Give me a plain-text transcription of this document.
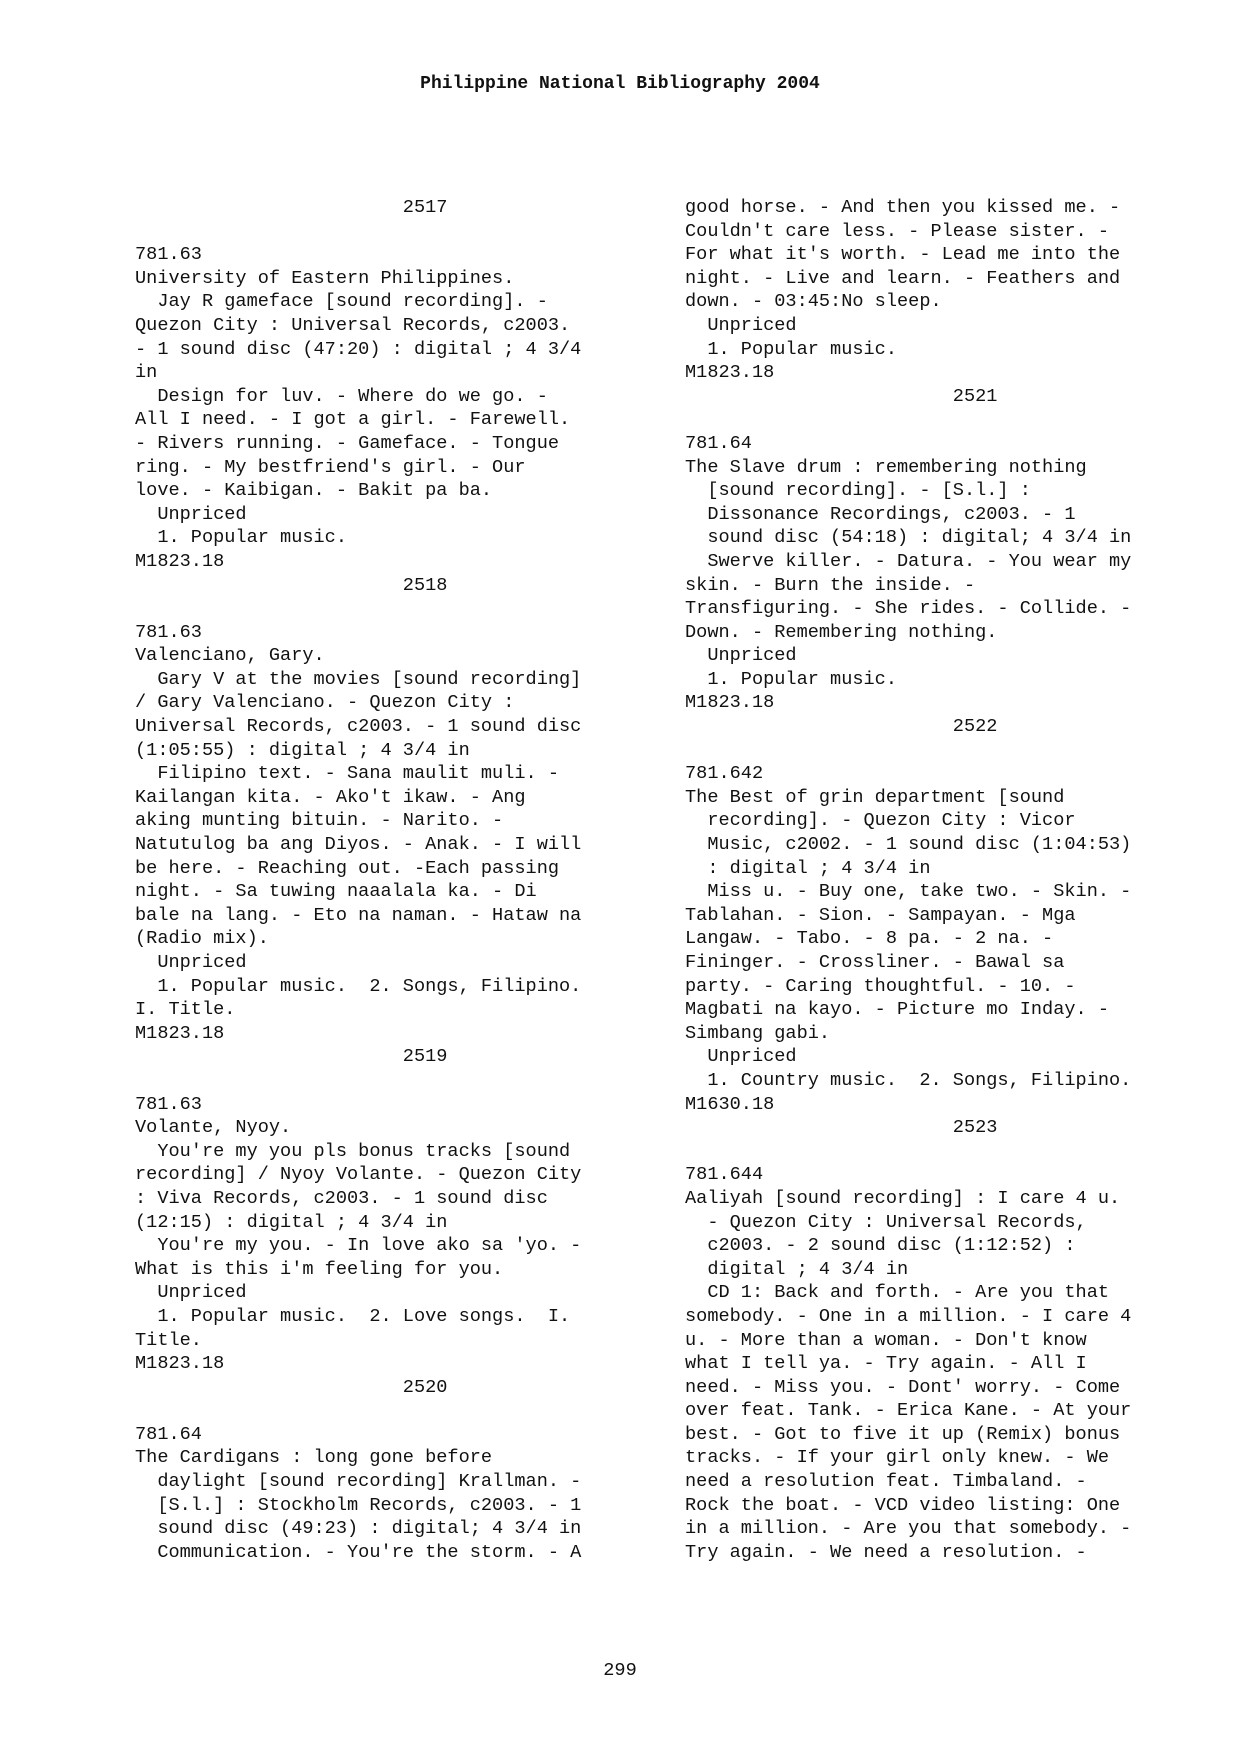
Philippine National Bibliography 2004
2517
781.63
University of Eastern Philippines.
Jay R gameface [sound recording]. -
Quezon City : Universal Records, c2003.
- 1 sound disc (47:20) : digital ; 4 3/4
in
Design for luv. - Where do we go. -
All I need. - I got a girl. - Farewell.
- Rivers running. - Gameface. - Tongue
ring. - My bestfriend's girl. - Our
love. - Kaibigan. - Bakit pa ba.
Unpriced
1. Popular music.
M1823.18
2518
781.63
Valenciano, Gary.
Gary V at the movies [sound recording]
/ Gary Valenciano. - Quezon City :
Universal Records, c2003. - 1 sound disc
(1:05:55) : digital ; 4 3/4 in
Filipino text. - Sana maulit muli. -
Kailangan kita. - Ako't ikaw. - Ang
aking munting bituin. - Narito. -
Natutulog ba ang Diyos. - Anak. - I will
be here. - Reaching out. -Each passing
night. - Sa tuwing naaalala ka. - Di
bale na lang. - Eto na naman. - Hataw na
(Radio mix).
Unpriced
1. Popular music.  2. Songs, Filipino.
I. Title.
M1823.18
2519
781.63
Volante, Nyoy.
You're my you pls bonus tracks [sound
recording] / Nyoy Volante. - Quezon City
: Viva Records, c2003. - 1 sound disc
(12:15) : digital ; 4 3/4 in
You're my you. - In love ako sa 'yo. -
What is this i'm feeling for you.
Unpriced
1. Popular music.  2. Love songs.  I.
Title.
M1823.18
2520
781.64
The Cardigans : long gone before
daylight [sound recording] Krallman. -
[S.l.] : Stockholm Records, c2003. - 1
sound disc (49:23) : digital; 4 3/4 in
Communication. - You're the storm. - A
good horse. - And then you kissed me. -
Couldn't care less. - Please sister. -
For what it's worth. - Lead me into the
night. - Live and learn. - Feathers and
down. - 03:45:No sleep.
Unpriced
1. Popular music.
M1823.18
2521
781.64
The Slave drum : remembering nothing
[sound recording]. - [S.l.] :
Dissonance Recordings, c2003. - 1
sound disc (54:18) : digital; 4 3/4 in
Swerve killer. - Datura. - You wear my
skin. - Burn the inside. -
Transfiguring. - She rides. - Collide. -
Down. - Remembering nothing.
Unpriced
1. Popular music.
M1823.18
2522
781.642
The Best of grin department [sound
recording]. - Quezon City : Vicor
Music, c2002. - 1 sound disc (1:04:53)
: digital ; 4 3/4 in
Miss u. - Buy one, take two. - Skin. -
Tablahan. - Sion. - Sampayan. - Mga
Langaw. - Tabo. - 8 pa. - 2 na. -
Fininger. - Crossliner. - Bawal sa
party. - Caring thoughtful. - 10. -
Magbati na kayo. - Picture mo Inday. -
Simbang gabi.
Unpriced
1. Country music.  2. Songs, Filipino.
M1630.18
2523
781.644
Aaliyah [sound recording] : I care 4 u.
- Quezon City : Universal Records,
c2003. - 2 sound disc (1:12:52) :
digital ; 4 3/4 in
CD 1: Back and forth. - Are you that
somebody. - One in a million. - I care 4
u. - More than a woman. - Don't know
what I tell ya. - Try again. - All I
need. - Miss you. - Dont' worry. - Come
over feat. Tank. - Erica Kane. - At your
best. - Got to five it up (Remix) bonus
tracks. - If your girl only knew. - We
need a resolution feat. Timbaland. -
Rock the boat. - VCD video listing: One
in a million. - Are you that somebody. -
Try again. - We need a resolution. -
299
